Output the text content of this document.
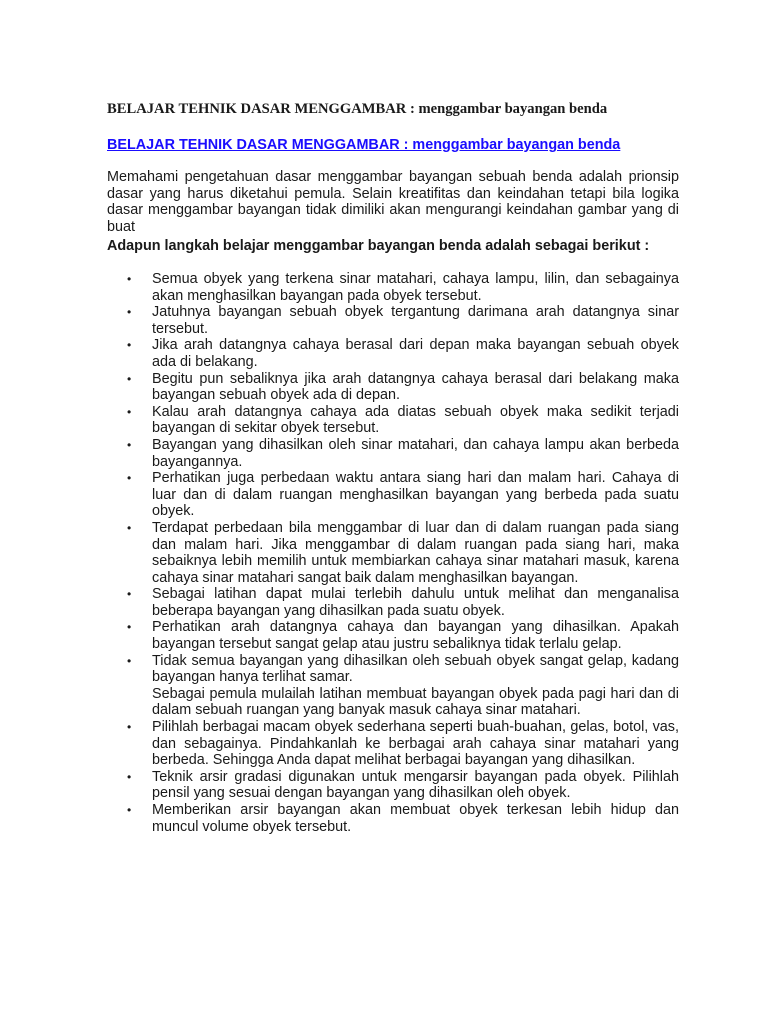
BELAJAR TEHNIK DASAR MENGGAMBAR : menggambar bayangan benda
BELAJAR TEHNIK DASAR MENGGAMBAR : menggambar bayangan benda

Memahami pengetahuan dasar menggambar bayangan sebuah benda adalah prionsip dasar yang harus diketahui pemula. Selain kreatifitas dan keindahan tetapi bila logika dasar menggambar bayangan tidak dimiliki akan mengurangi keindahan gambar yang di buat

Adapun langkah belajar menggambar bayangan benda adalah sebagai berikut :

•	Semua obyek yang terkena sinar matahari, cahaya lampu, lilin, dan sebagainya akan menghasilkan bayangan pada obyek tersebut.
•	Jatuhnya bayangan sebuah obyek tergantung darimana arah datangnya sinar tersebut.
•	Jika arah datangnya cahaya berasal dari depan maka bayangan sebuah obyek ada di belakang.
•	Begitu pun sebaliknya jika arah datangnya cahaya berasal dari belakang maka bayangan sebuah obyek ada di depan.
•	Kalau arah datangnya cahaya ada diatas sebuah obyek maka sedikit terjadi bayangan di sekitar obyek tersebut.
•	Bayangan yang dihasilkan oleh sinar matahari, dan cahaya lampu akan berbeda bayangannya.
•	Perhatikan juga perbedaan waktu antara siang hari dan malam hari. Cahaya di luar dan di dalam ruangan menghasilkan bayangan yang berbeda pada suatu obyek.
•	Terdapat perbedaan bila menggambar di luar dan di dalam ruangan pada siang dan malam hari. Jika menggambar di dalam ruangan pada siang hari, maka sebaiknya lebih memilih untuk membiarkan cahaya sinar matahari masuk, karena cahaya sinar matahari sangat baik dalam menghasilkan bayangan.
•	Sebagai latihan dapat mulai terlebih dahulu untuk melihat dan menganalisa beberapa bayangan yang dihasilkan pada suatu obyek.
•	Perhatikan arah datangnya cahaya dan bayangan yang dihasilkan. Apakah bayangan tersebut sangat gelap atau justru sebaliknya tidak terlalu gelap.
•	Tidak semua bayangan yang dihasilkan oleh sebuah obyek sangat gelap, kadang bayangan hanya terlihat samar.
Sebagai pemula mulailah latihan membuat bayangan obyek pada pagi hari dan di dalam sebuah ruangan yang banyak masuk cahaya sinar matahari.
•	Pilihlah berbagai macam obyek sederhana seperti buah-buahan, gelas, botol, vas, dan sebagainya. Pindahkanlah ke berbagai arah cahaya sinar matahari yang berbeda. Sehingga Anda dapat melihat berbagai bayangan yang dihasilkan.
•	Teknik arsir gradasi digunakan untuk mengarsir bayangan pada obyek. Pilihlah pensil yang sesuai dengan bayangan yang dihasilkan oleh obyek.
•	Memberikan arsir bayangan akan membuat obyek terkesan lebih hidup dan muncul volume obyek tersebut.
